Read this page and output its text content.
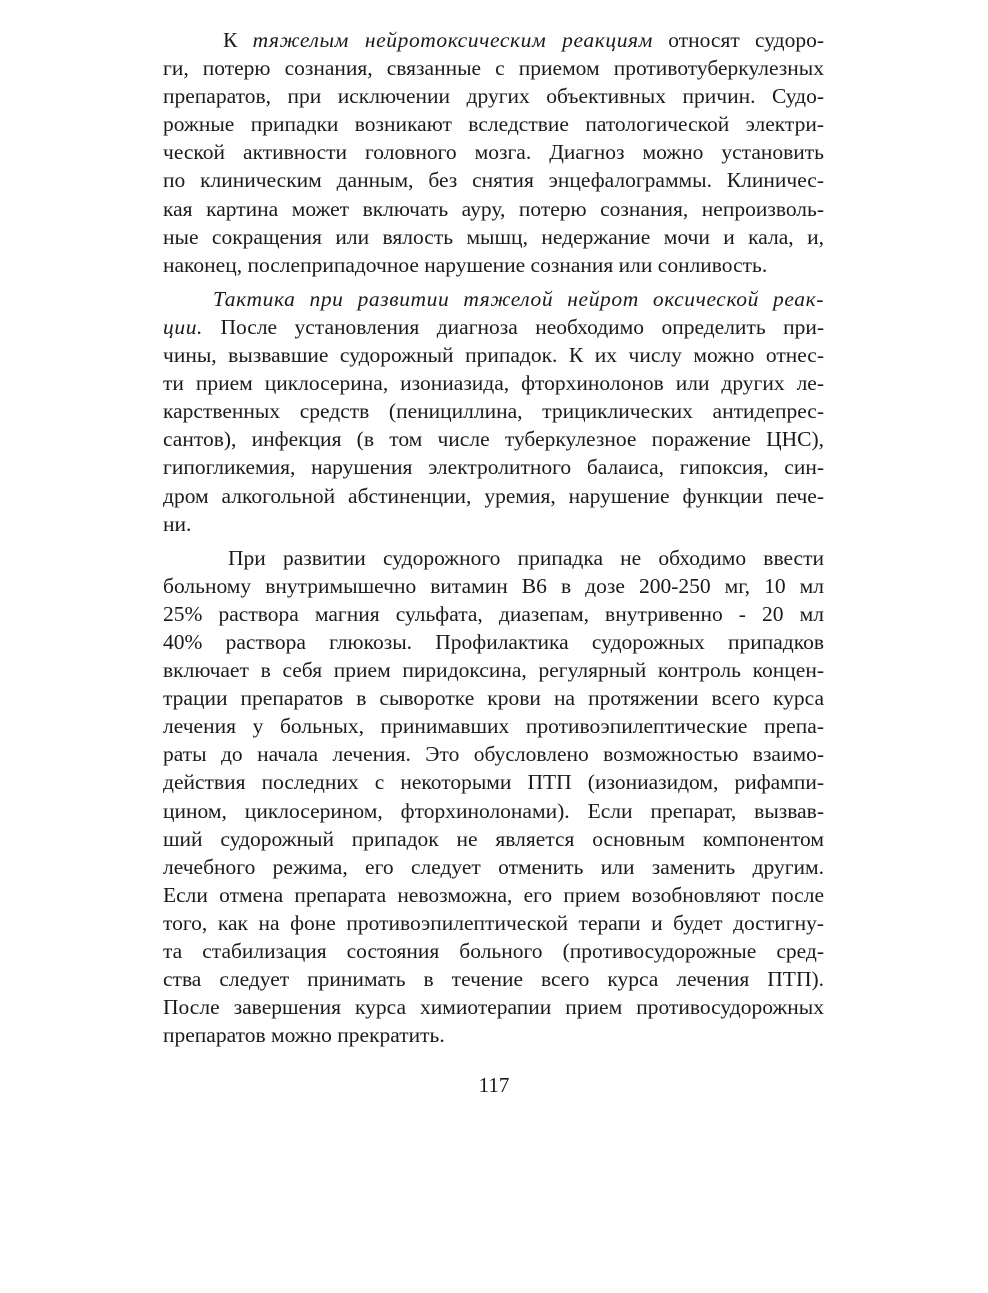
К тяжелым нейротоксическим реакциям относят судоро-
ги, потерю сознания, связанные с приемом противотуберкулезных
препаратов, при исключении других объективных причин. Судо-
рожные припадки возникают вследствие патологической электри-
ческой активности головного мозга. Диагноз можно установить
по клиническим данным, без снятия энцефалограммы. Клиничес-
кая картина может включать ауру, потерю сознания, непроизволь-
ные сокращения или вялость мышц, недержание мочи и кала, и,
наконец, послеприпадочное нарушение сознания или сонливость.
Тактика при развитии тяжелой нейрот оксической реак-
ции. После установления диагноза необходимо определить при-
чины, вызвавшие судорожный припадок. К их числу можно отнес-
ти прием циклосерина, изониазида, фторхинолонов или других ле-
карственных средств (пенициллина, трициклических антидепрес-
сантов), инфекция (в том числе туберкулезное поражение ЦНС),
гипогликемия, нарушения электролитного балаиса, гипоксия, син-
дром алкогольной абстиненции, уремия, нарушение функции пече-
ни.
При развитии судорожного припадка не обходимо ввести
больному внутримышечно витамин В6 в дозе 200-250 мг, 10 мл
25% раствора магния сульфата, диазепам, внутривенно - 20 мл
40% раствора глюкозы. Профилактика судорожных припадков
включает в себя прием пиридоксина, регулярный контроль концен-
трации препаратов в сыворотке крови на протяжении всего курса
лечения у больных, принимавших противоэпилептические препа-
раты до начала лечения. Это обусловлено возможностью взаимо-
действия последних с некоторыми ПТП (изониазидом, рифампи-
цином, циклосерином, фторхинолонами). Если препарат, вызвав-
ший судорожный припадок не является основным компонентом
лечебного режима, его следует отменить или заменить другим.
Если отмена препарата невозможна, его прием возобновляют после
того, как на фоне противоэпилептической терапи и будет достигну-
та стабилизация состояния больного (противосудорожные сред-
ства следует принимать в течение всего курса лечения ПТП).
После завершения курса химиотерапии прием противосудорожных
препаратов можно прекратить.
117
